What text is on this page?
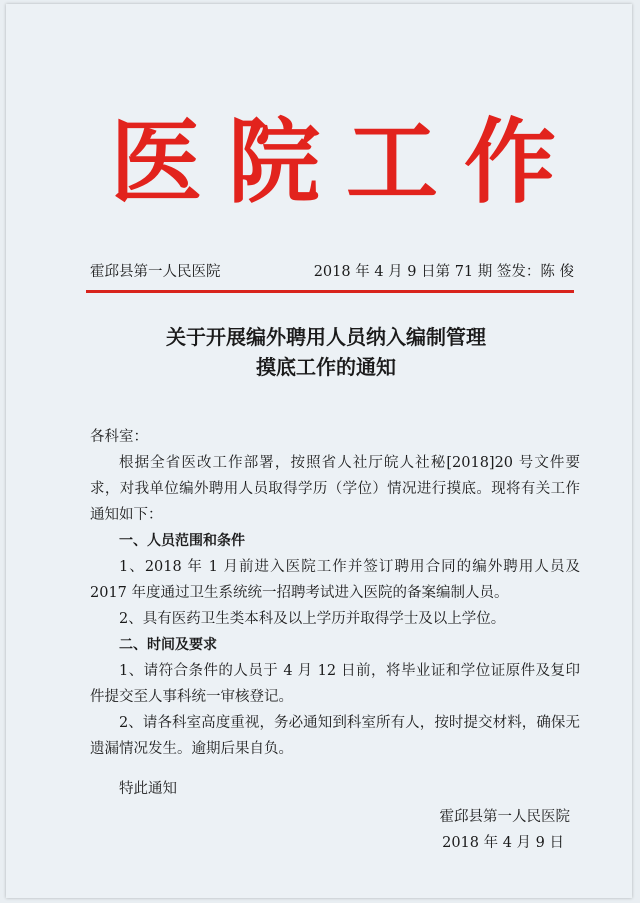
医院工作
霍邱县第一人民医院	2018 年 4 月 9 日第 71 期 签发：陈 俊
关于开展编外聘用人员纳入编制管理
摸底工作的通知

各科室：

根据全省医改工作部署，按照省人社厅皖人社秘[2018]20 号文件要求，对我单位编外聘用人员取得学历（学位）情况进行摸底。现将有关工作通知如下：

一、人员范围和条件

1、2018 年 1 月前进入医院工作并签订聘用合同的编外聘用人员及 2017 年度通过卫生系统统一招聘考试进入医院的备案编制人员。

2、具有医药卫生类本科及以上学历并取得学士及以上学位。

二、时间及要求

1、请符合条件的人员于 4 月 12 日前，将毕业证和学位证原件及复印件提交至人事科统一审核登记。

2、请各科室高度重视，务必通知到科室所有人，按时提交材料，确保无遗漏情况发生。逾期后果自负。

特此通知

霍邱县第一人民医院
2018 年 4 月 9 日
